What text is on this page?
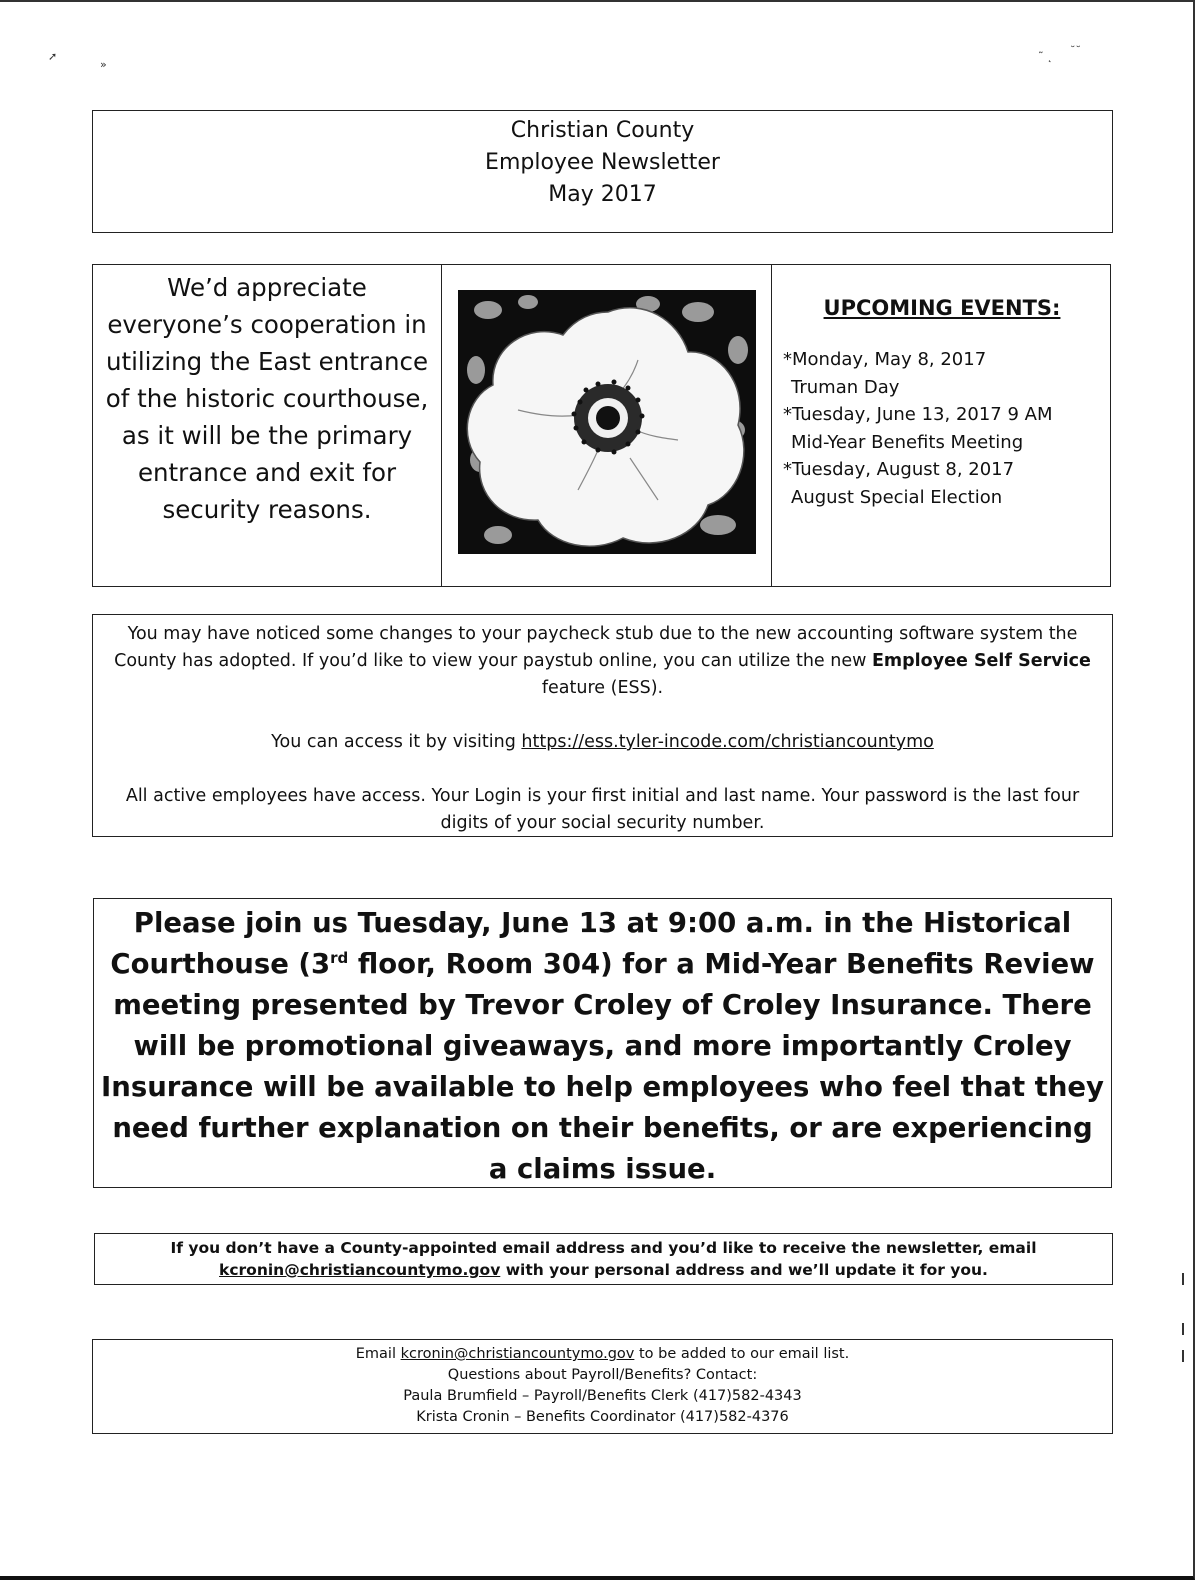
➚
»
˜ ˛ ˘˘
Christian County
Employee Newsletter
May 2017
We’d appreciate everyone’s cooperation in utilizing the East entrance of the historic courthouse, as it will be the primary entrance and exit for security reasons.
UPCOMING EVENTS:
*Monday, May 8, 2017
Truman Day
*Tuesday, June 13, 2017 9 AM
Mid-Year Benefits Meeting
*Tuesday, August 8, 2017
August Special Election

You may have noticed some changes to your paycheck stub due to the new accounting software system the County has adopted. If you’d like to view your paystub online, you can utilize the new Employee Self Service feature (ESS).

You can access it by visiting https://ess.tyler-incode.com/christiancountymo

All active employees have access. Your Login is your first initial and last name. Your password is the last four digits of your social security number.

Please join us Tuesday, June 13 at 9:00 a.m. in the Historical Courthouse (3rd floor, Room 304) for a Mid-Year Benefits Review meeting presented by Trevor Croley of Croley Insurance. There will be promotional giveaways, and more importantly Croley Insurance will be available to help employees who feel that they need further explanation on their benefits, or are experiencing a claims issue.

If you don’t have a County-appointed email address and you’d like to receive the newsletter, email
kcronin@christiancountymo.gov with your personal address and we’ll update it for you.
Email kcronin@christiancountymo.gov to be added to our email list.
Questions about Payroll/Benefits? Contact:
Paula Brumfield – Payroll/Benefits Clerk (417)582-4343
Krista Cronin – Benefits Coordinator (417)582-4376
